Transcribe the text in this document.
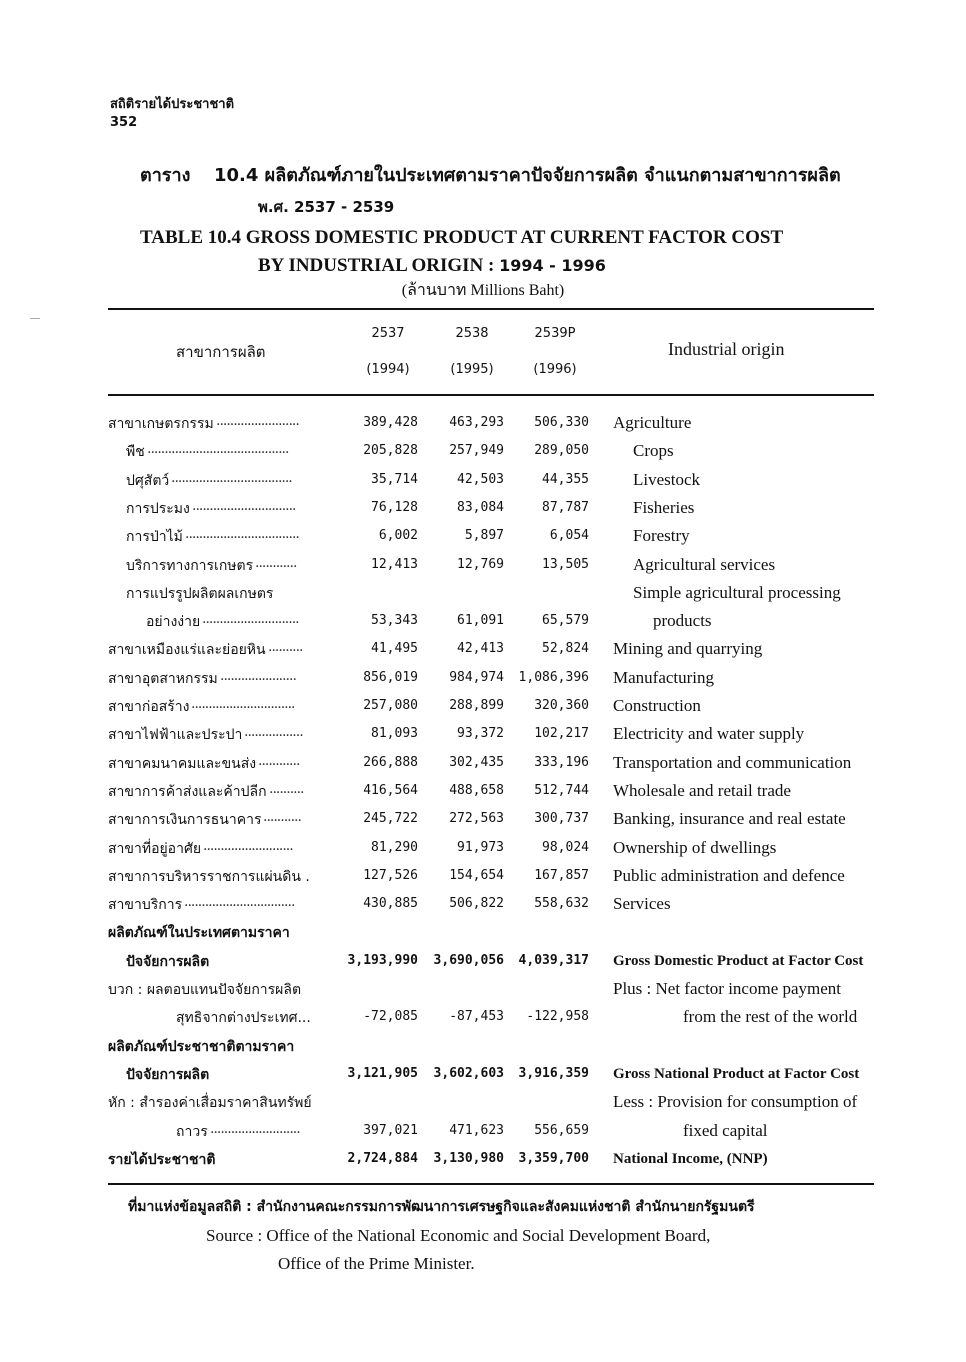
สถิติรายได้ประชาชาติ
352
ตาราง 10.4 ผลิตภัณฑ์ภายในประเทศตามราคาปัจจัยการผลิต จำแนกตามสาขาการผลิต
พ.ศ. 2537 - 2539
TABLE 10.4 GROSS DOMESTIC PRODUCT AT CURRENT FACTOR COST
BY INDUSTRIAL ORIGIN : 1994 - 1996
(ล้านบาท Millions Baht)
สาขาการผลิต	Industrial origin
2537	2538	2539P
(1994)	(1995)	(1996)
สาขาเกษตรกรรม ........................	389,428	463,293	506,330 Agriculture
พืช .........................................	205,828	257,949	289,050	Crops
ปศุสัตว์ ...................................	35,714	42,503	44,355	Livestock
การประมง ..............................	76,128	83,084	87,787	Fisheries
การป่าไม้ .................................	6,002	5,897	6,054	Forestry
บริการทางการเกษตร ............	12,413	12,769	13,505	Agricultural services
การแปรรูปผลิตผลเกษตร	Simple agricultural processing
อย่างง่าย ............................	53,343	61,091	65,579	products
สาขาเหมืองแร่และย่อยหิน ..........	41,495	42,413	52,824 Mining and quarrying
สาขาอุตสาหกรรม ......................	856,019	984,974	1,086,396 Manufacturing
สาขาก่อสร้าง ..............................	257,080	288,899	320,360 Construction
สาขาไฟฟ้าและประปา .................	81,093	93,372	102,217 Electricity and water supply
สาขาคมนาคมและขนส่ง ............	266,888	302,435	333,196 Transportation and communication
สาขาการค้าส่งและค้าปลีก ..........	416,564	488,658	512,744 Wholesale and retail trade
สาขาการเงินการธนาคาร ...........	245,722	272,563	300,737 Banking, insurance and real estate
สาขาที่อยู่อาศัย ..........................	81,290	91,973	98,024 Ownership of dwellings
สาขาการบริหารราชการแผ่นดิน .	127,526	154,654	167,857 Public administration and defence
สาขาบริการ ................................	430,885	506,822	558,632 Services
ผลิตภัณฑ์ในประเทศตามราคา
ปัจจัยการผลิต	3,193,990	3,690,056	4,039,317 Gross Domestic Product at Factor Cost
บวก : ผลตอบแทนปัจจัยการผลิต	Plus : Net factor income payment
สุทธิจากต่างประเทศ...	-72,085	-87,453	-122,958	from the rest of the world
ผลิตภัณฑ์ประชาชาติตามราคา
ปัจจัยการผลิต	3,121,905	3,602,603	3,916,359 Gross National Product at Factor Cost
หัก : สำรองค่าเสื่อมราคาสินทรัพย์	Less : Provision for consumption of
ถาวร ..........................	397,021	471,623	556,659	fixed capital
รายได้ประชาชาติ	2,724,884	3,130,980	3,359,700 National Income, (NNP)
ที่มาแห่งข้อมูลสถิติ : สำนักงานคณะกรรมการพัฒนาการเศรษฐกิจและสังคมแห่งชาติ สำนักนายกรัฐมนตรี
Source : Office of the National Economic and Social Development Board,
Office of the Prime Minister.
